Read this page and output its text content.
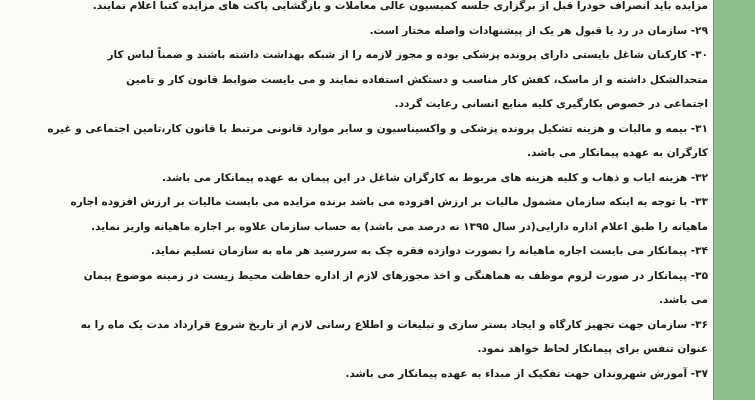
مزایده باید انصراف خودرا قبل از برگزاری جلسه کمیسیون عالی معاملات و بازگشایی پاکت های مزایده کتبا اعلام نمایند.

۲۹- سازمان در رد یا قبول هر یک از پیشنهادات واصله مختار است.

۳۰- کارکنان شاغل بایستی دارای پرونده پزشکی بوده و مجوز لازمه را از شبکه بهداشت داشته باشند و ضمناً لباس کار
متحدالشکل داشته و از ماسک، کفش کار مناسب و دستکش استفاده نمایند و می بایست ضوابط قانون کار و تامین
اجتماعی در خصوص بکارگیری کلیه منابع انسانی رعایت گردد.

۳۱- بیمه و مالیات و هزینه تشکیل پرونده پزشکی و واکسیناسیون و سایر موارد قانونی مرتبط با قانون کار،تامین اجتماعی و غیره
کارگران به عهده پیمانکار می باشد.

۳۲- هزینه ایاب و ذهاب و کلیه هزینه های مربوط به کارگران شاغل در این پیمان به عهده پیمانکار می باشد.

۳۳- با توجه به اینکه سازمان مشمول مالیات بر ارزش افزوده می باشد برنده مزایده می بایست مالیات بر ارزش افزوده اجاره
ماهیانه را طبق اعلام اداره دارایی(در سال ۱۳۹۵ نه درصد می باشد) به حساب سازمان علاوه بر اجاره ماهیانه واریز نماید.

۳۴- پیمانکار می بایست اجاره ماهیانه را بصورت دوازده فقره چک به سررسید هر ماه به سازمان تسلیم نماید.

۳۵- پیمانکار در صورت لزوم موظف به هماهنگی و اخذ مجوزهای لازم از اداره حفاظت محیط زیست در زمینه موضوع پیمان
می باشد.

۳۶- سازمان جهت تجهیز کارگاه و ایجاد بستر سازی و تبلیغات و اطلاع رسانی لازم از تاریخ شروع قرارداد مدت یک ماه را به
عنوان تنفس برای پیمانکار لحاظ خواهد نمود.

۳۷- آموزش شهروندان جهت تفکیک از مبداء به عهده پیمانکار می باشد.
